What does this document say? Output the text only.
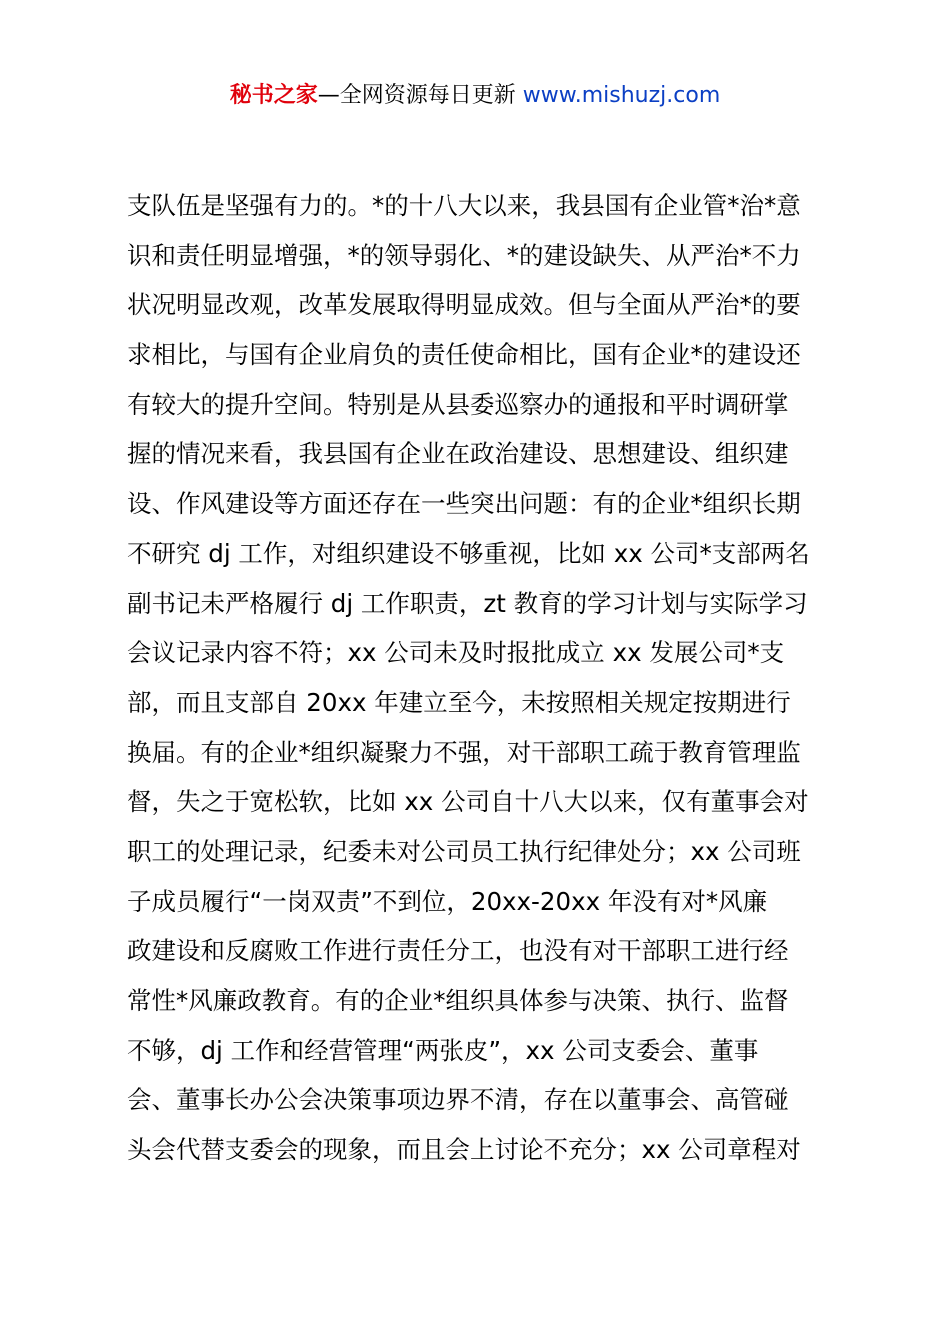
秘书之家—全网资源每日更新 www.mishuzj.com
支队伍是坚强有力的。*的十八大以来，我县国有企业管*治*意
识和责任明显增强，*的领导弱化、*的建设缺失、从严治*不力
状况明显改观，改革发展取得明显成效。但与全面从严治*的要
求相比，与国有企业肩负的责任使命相比，国有企业*的建设还
有较大的提升空间。特别是从县委巡察办的通报和平时调研掌
握的情况来看，我县国有企业在政治建设、思想建设、组织建
设、作风建设等方面还存在一些突出问题：有的企业*组织长期
不研究 dj 工作，对组织建设不够重视，比如 xx 公司*支部两名
副书记未严格履行 dj 工作职责，zt 教育的学习计划与实际学习
会议记录内容不符；xx 公司未及时报批成立 xx 发展公司*支
部，而且支部自 20xx 年建立至今，未按照相关规定按期进行
换届。有的企业*组织凝聚力不强，对干部职工疏于教育管理监
督，失之于宽松软，比如 xx 公司自十八大以来，仅有董事会对
职工的处理记录，纪委未对公司员工执行纪律处分；xx 公司班
子成员履行“一岗双责”不到位，20xx-20xx 年没有对*风廉
政建设和反腐败工作进行责任分工，也没有对干部职工进行经
常性*风廉政教育。有的企业*组织具体参与决策、执行、监督
不够，dj 工作和经营管理“两张皮”，xx 公司支委会、董事
会、董事长办公会决策事项边界不清，存在以董事会、高管碰
头会代替支委会的现象，而且会上讨论不充分；xx 公司章程对
